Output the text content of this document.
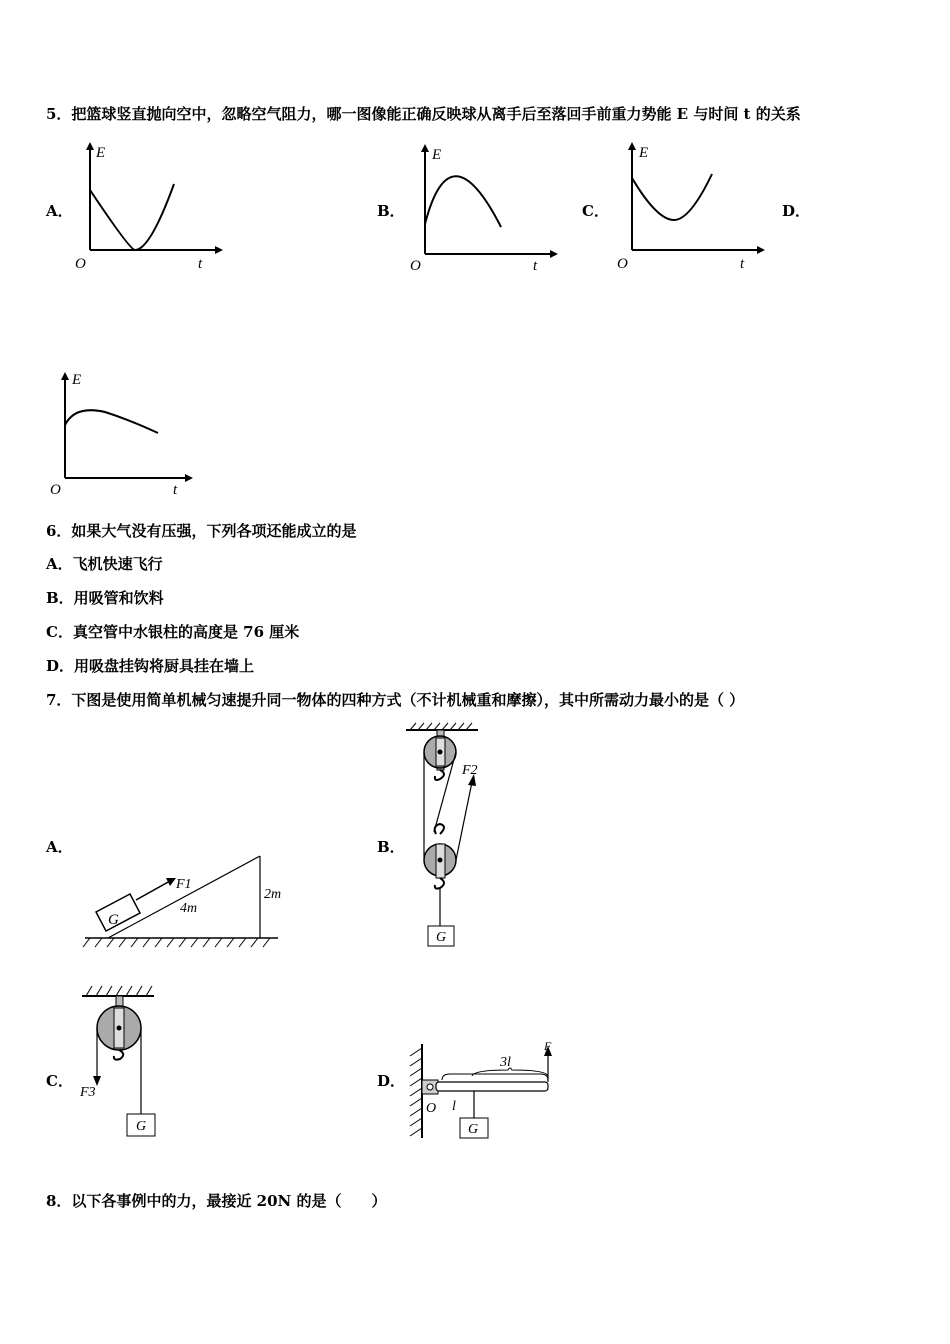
5．把篮球竖直抛向空中，忽略空气阻力，哪一图像能正确反映球从离手后至落回手前重力势能 E 与时间 t 的关系
A．
E
t
O
B．
E
t
O
C．
E
t
O
D．
E
t
O
6．如果大气没有压强，下列各项还能成立的是
A．飞机快速飞行
B．用吸管和饮料
C．真空管中水银柱的高度是 76 厘米
D．用吸盘挂钩将厨具挂在墙上
7．下图是使用简单机械匀速提升同一物体的四种方式（不计机械重和摩擦），其中所需动力最小的是（ ）
A．
G
F1
4m
2m
B．
F2
G
C．
F3
G
D．
3l
O l
G
F
8．以下各事例中的力，最接近 20N 的是（　　）
